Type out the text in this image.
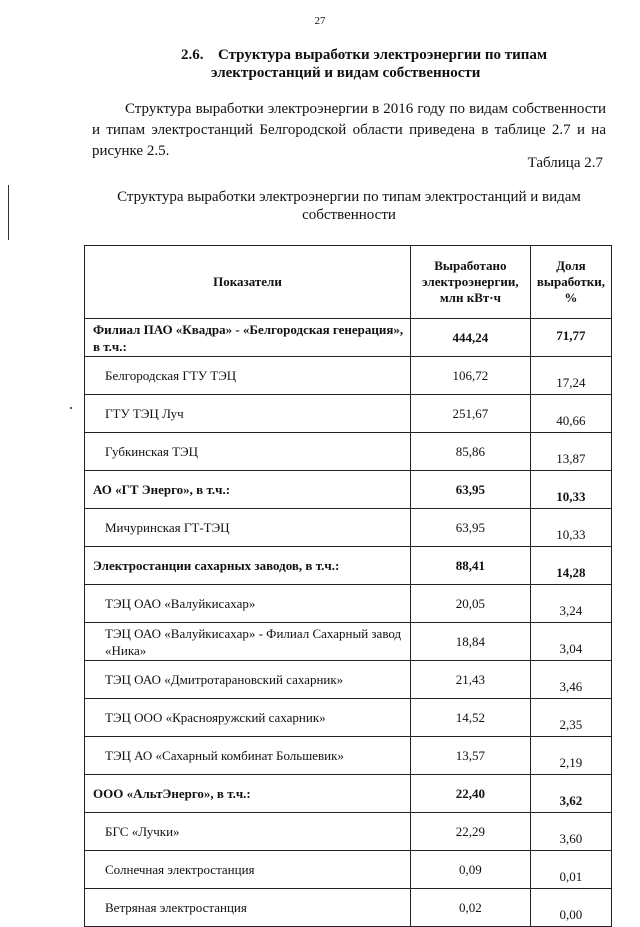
27
2.6. Структура выработки электроэнергии по типам
электростанций и видам собственности

Структура выработки электроэнергии в 2016 году по видам собственности и типам электростанций Белгородской области приведена в таблице 2.7 и на рисунке 2.5.

Таблица 2.7
Структура выработки электроэнергии по типам электростанций и видам собственности
Показатели	Выработано электроэнергии, млн кВт·ч	Доля выработки, %
Филиал ПАО «Квадра» - «Белгородская генерация», в т.ч.:	444,24	71,77
Белгородская ГТУ ТЭЦ	106,72	17,24
ГТУ ТЭЦ Луч	251,67	40,66
Губкинская ТЭЦ	85,86	13,87
АО «ГТ Энерго», в т.ч.:	63,95	10,33
Мичуринская ГТ-ТЭЦ	63,95	10,33
Электростанции сахарных заводов, в т.ч.:	88,41	14,28
ТЭЦ ОАО «Валуйкисахар»	20,05	3,24
ТЭЦ ОАО «Валуйкисахар» - Филиал Сахарный завод «Ника»	18,84	3,04
ТЭЦ ОАО «Дмитротарановский сахарник»	21,43	3,46
ТЭЦ ООО «Краснояружский сахарник»	14,52	2,35
ТЭЦ АО «Сахарный комбинат Большевик»	13,57	2,19
ООО «АльтЭнерго», в т.ч.:	22,40	3,62
БГС «Лучки»	22,29	3,60
Солнечная электростанция	0,09	0,01
Ветряная электростанция	0,02	0,00
